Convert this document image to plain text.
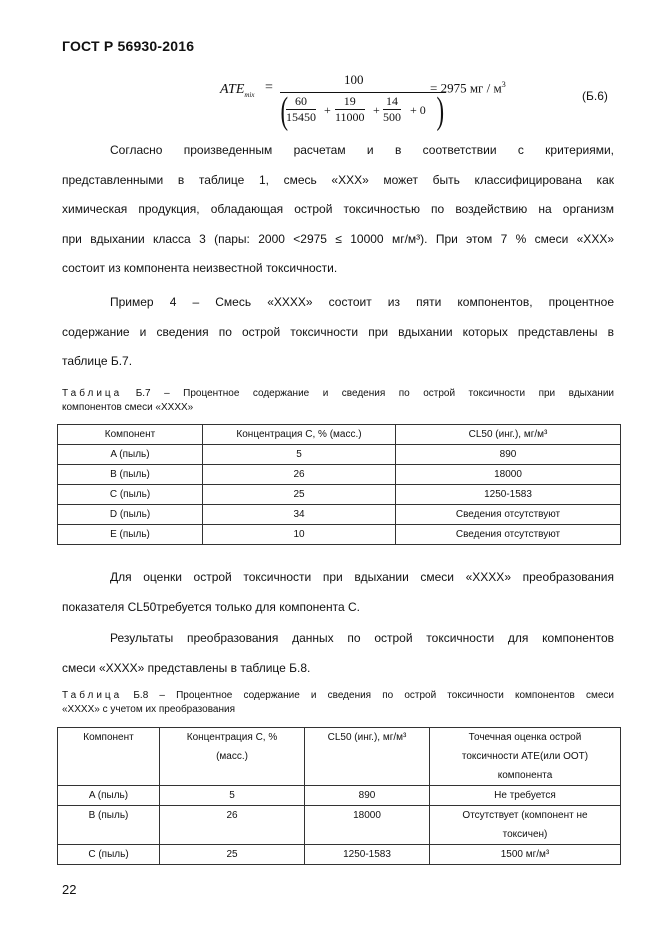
ГОСТ Р 56930-2016
$ATE_{mix}$ =
100
(
$\frac{60}{15450} + \frac{19}{11000} + \frac{14}{500} + 0$ )
= 2975 мг / $м^3$
(Б.6)
Согласно произведенным расчетам и в соответствии с критериями,
представленными в таблице 1, смесь «XXX» может быть классифицирована как
химическая продукция, обладающая острой токсичностью по воздействию на организм
при вдыхании класса 3 (пары: 2000 <2975 ≤ 10000 мг/м³). При этом 7 % смеси «XXX»
состоит из компонента неизвестной токсичности.
Пример 4 – Смесь «XXXX» состоит из пяти компонентов, процентное
содержание и сведения по острой токсичности при вдыхании которых представлены в
таблице Б.7.
Таблица Б.7 – Процентное содержание и сведения по острой токсичности при вдыхании
компонентов смеси «XXXX»
Компонент	Концентрация С, % (масс.)	CL50 (инг.), мг/м³
A (пыль)	5	890
B (пыль)	26	18000
C (пыль)	25	1250-1583
D (пыль)	34	Сведения отсутствуют
E (пыль)	10	Сведения отсутствуют
Для оценки острой токсичности при вдыхании смеси «XXXX» преобразования
показателя CL50требуется только для компонента С.
Результаты преобразования данных по острой токсичности для компонентов
смеси «XXXX» представлены в таблице Б.8.
Таблица Б.8 – Процентное содержание и сведения по острой токсичности компонентов смеси
«XXXX» с учетом их преобразования
Компонент	Концентрация С, % (масс.)	CL50 (инг.), мг/м³	Точечная оценка острой токсичности ATE(или ООТ) компонента
A (пыль)	5	890	Не требуется
B (пыль)	26	18000	Отсутствует (компонент не токсичен)
C (пыль)	25	1250-1583	1500 мг/м³
22
